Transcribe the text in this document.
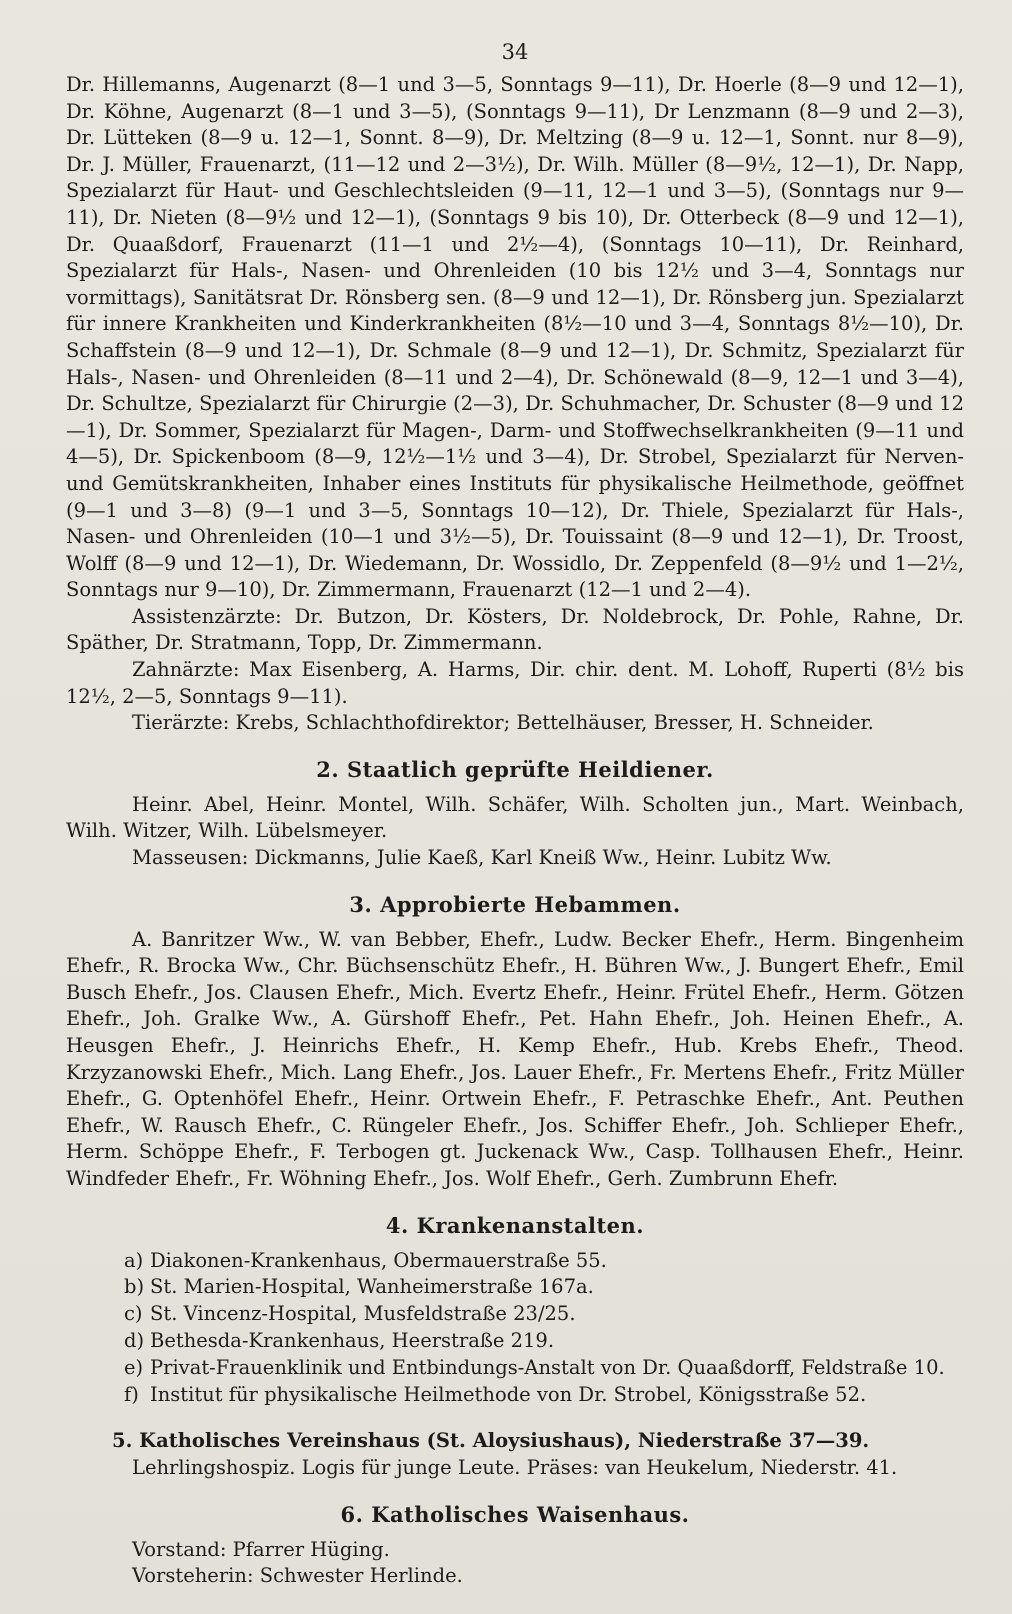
34

Dr. Hillemanns, Augenarzt (8—1 und 3—5, Sonntags 9—11), Dr. Hoerle (8—9 und 12—1), Dr. Köhne, Augenarzt (8—1 und 3—5), (Sonntags 9—11), Dr Lenzmann (8—9 und 2—3), Dr. Lütteken (8—9 u. 12—1, Sonnt. 8—9), Dr. Meltzing (8—9 u. 12—1, Sonnt. nur 8—9), Dr. J. Müller, Frauenarzt, (11—12 und 2—3½), Dr. Wilh. Müller (8—9½, 12—1), Dr. Napp, Spezialarzt für Haut- und Geschlechtsleiden (9—11, 12—1 und 3—5), (Sonntags nur 9—11), Dr. Nieten (8—9½ und 12—1), (Sonntags 9 bis 10), Dr. Otterbeck (8—9 und 12—1), Dr. Quaaßdorf, Frauenarzt (11—1 und 2½—4), (Sonntags 10—11), Dr. Reinhard, Spezialarzt für Hals-, Nasen- und Ohrenleiden (10 bis 12½ und 3—4, Sonntags nur vormittags), Sanitätsrat Dr. Rönsberg sen. (8—9 und 12—1), Dr. Rönsberg jun. Spezialarzt für innere Krankheiten und Kinderkrankheiten (8½—10 und 3—4, Sonntags 8½—10), Dr. Schaffstein (8—9 und 12—1), Dr. Schmale (8—9 und 12—1), Dr. Schmitz, Spezialarzt für Hals-, Nasen- und Ohrenleiden (8—11 und 2—4), Dr. Schönewald (8—9, 12—1 und 3—4), Dr. Schultze, Spezialarzt für Chirurgie (2—3), Dr. Schuhmacher, Dr. Schuster (8—9 und 12—1), Dr. Sommer, Spezialarzt für Magen-, Darm- und Stoffwechselkrankheiten (9—11 und 4—5), Dr. Spickenboom (8—9, 12½—1½ und 3—4), Dr. Strobel, Spezialarzt für Nerven- und Gemütskrankheiten, Inhaber eines Instituts für physikalische Heilmethode, geöffnet (9—1 und 3—8) (9—1 und 3—5, Sonntags 10—12), Dr. Thiele, Spezialarzt für Hals-, Nasen- und Ohrenleiden (10—1 und 3½—5), Dr. Touissaint (8—9 und 12—1), Dr. Troost, Wolff (8—9 und 12—1), Dr. Wiedemann, Dr. Wossidlo, Dr. Zeppenfeld (8—9½ und 1—2½, Sonntags nur 9—10), Dr. Zimmermann, Frauenarzt (12—1 und 2—4).

Assistenzärzte: Dr. Butzon, Dr. Kösters, Dr. Noldebrock, Dr. Pohle, Rahne, Dr. Späther, Dr. Stratmann, Topp, Dr. Zimmermann.

Zahnärzte: Max Eisenberg, A. Harms, Dir. chir. dent. M. Lohoff, Ruperti (8½ bis 12½, 2—5, Sonntags 9—11).

Tierärzte: Krebs, Schlachthofdirektor; Bettelhäuser, Bresser, H. Schneider.

2. Staatlich geprüfte Heildiener.

Heinr. Abel, Heinr. Montel, Wilh. Schäfer, Wilh. Scholten jun., Mart. Weinbach, Wilh. Witzer, Wilh. Lübelsmeyer.

Masseusen: Dickmanns, Julie Kaeß, Karl Kneiß Ww., Heinr. Lubitz Ww.

3. Approbierte Hebammen.

A. Banritzer Ww., W. van Bebber, Ehefr., Ludw. Becker Ehefr., Herm. Bingenheim Ehefr., R. Brocka Ww., Chr. Büchsenschütz Ehefr., H. Bühren Ww., J. Bungert Ehefr., Emil Busch Ehefr., Jos. Clausen Ehefr., Mich. Evertz Ehefr., Heinr. Frütel Ehefr., Herm. Götzen Ehefr., Joh. Gralke Ww., A. Gürshoff Ehefr., Pet. Hahn Ehefr., Joh. Heinen Ehefr., A. Heusgen Ehefr., J. Heinrichs Ehefr., H. Kemp Ehefr., Hub. Krebs Ehefr., Theod. Krzyzanowski Ehefr., Mich. Lang Ehefr., Jos. Lauer Ehefr., Fr. Mertens Ehefr., Fritz Müller Ehefr., G. Optenhöfel Ehefr., Heinr. Ortwein Ehefr., F. Petraschke Ehefr., Ant. Peuthen Ehefr., W. Rausch Ehefr., C. Rüngeler Ehefr., Jos. Schiffer Ehefr., Joh. Schlieper Ehefr., Herm. Schöppe Ehefr., F. Terbogen gt. Juckenack Ww., Casp. Tollhausen Ehefr., Heinr. Windfeder Ehefr., Fr. Wöhning Ehefr., Jos. Wolf Ehefr., Gerh. Zumbrunn Ehefr.

4. Krankenanstalten.
a) Diakonen-Krankenhaus, Obermauerstraße 55.
b) St. Marien-Hospital, Wanheimerstraße 167a.
c) St. Vincenz-Hospital, Musfeldstraße 23/25.
d) Bethesda-Krankenhaus, Heerstraße 219.
e) Privat-Frauenklinik und Entbindungs-Anstalt von Dr. Quaaßdorff, Feldstraße 10.
f) Institut für physikalische Heilmethode von Dr. Strobel, Königsstraße 52.

5. Katholisches Vereinshaus (St. Aloysiushaus), Niederstraße 37—39.

Lehrlingshospiz. Logis für junge Leute. Präses: van Heukelum, Niederstr. 41.

6. Katholisches Waisenhaus.

Vorstand: Pfarrer Hüging.

Vorsteherin: Schwester Herlinde.
